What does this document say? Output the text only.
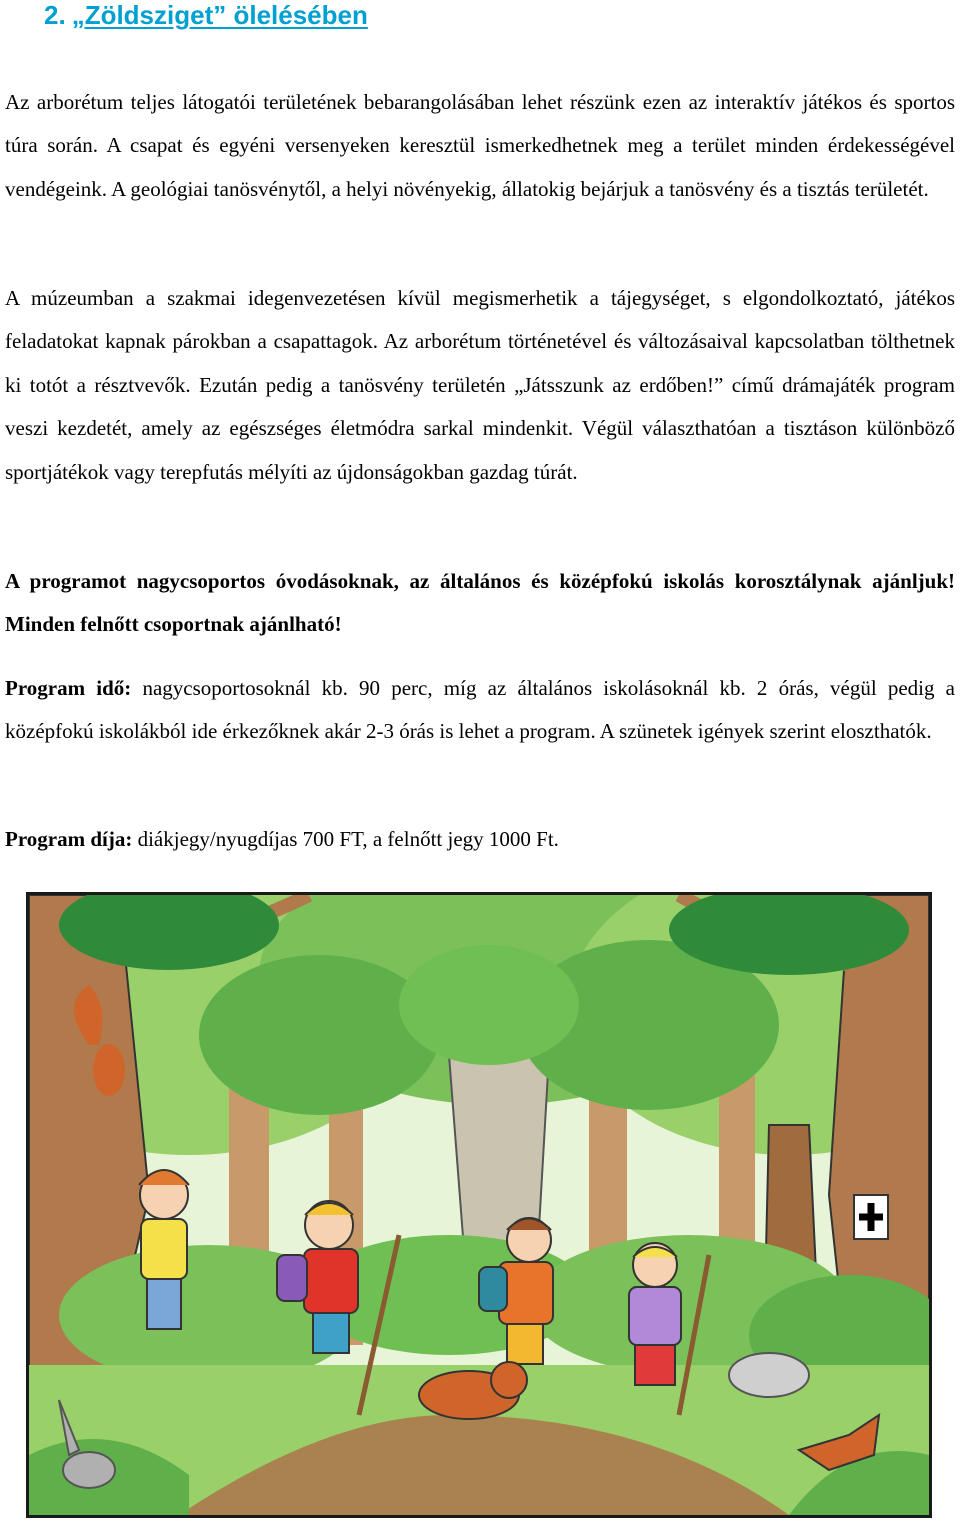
2. „Zöldsziget” ölelésében

Az arborétum teljes látogatói területének bebarangolásában lehet részünk ezen az interaktív játékos és sportos túra során. A csapat és egyéni versenyeken keresztül ismerkedhetnek meg a terület minden érdekességével vendégeink. A geológiai tanösvénytől, a helyi növényekig, állatokig bejárjuk a tanösvény és a tisztás területét.

A múzeumban a szakmai idegenvezetésen kívül megismerhetik a tájegységet, s elgondolkoztató, játékos feladatokat kapnak párokban a csapattagok. Az arborétum történetével és változásaival kapcsolatban tölthetnek ki totót a résztvevők. Ezután pedig a tanösvény területén „Játsszunk az erdőben!” című drámajáték program veszi kezdetét, amely az egészséges életmódra sarkal mindenkit. Végül választhatóan a tisztáson különböző sportjátékok vagy terepfutás mélyíti az újdonságokban gazdag túrát.

A programot nagycsoportos óvodásoknak, az általános és középfokú iskolás korosztálynak ajánljuk! Minden felnőtt csoportnak ajánlható!

Program idő: nagycsoportosoknál kb. 90 perc, míg az általános iskolásoknál kb. 2 órás, végül pedig a középfokú iskolákból ide érkezőknek akár 2-3 órás is lehet a program. A szünetek igények szerint eloszthatók.

Program díja: diákjegy/nyugdíjas 700 FT, a felnőtt jegy 1000 Ft.
